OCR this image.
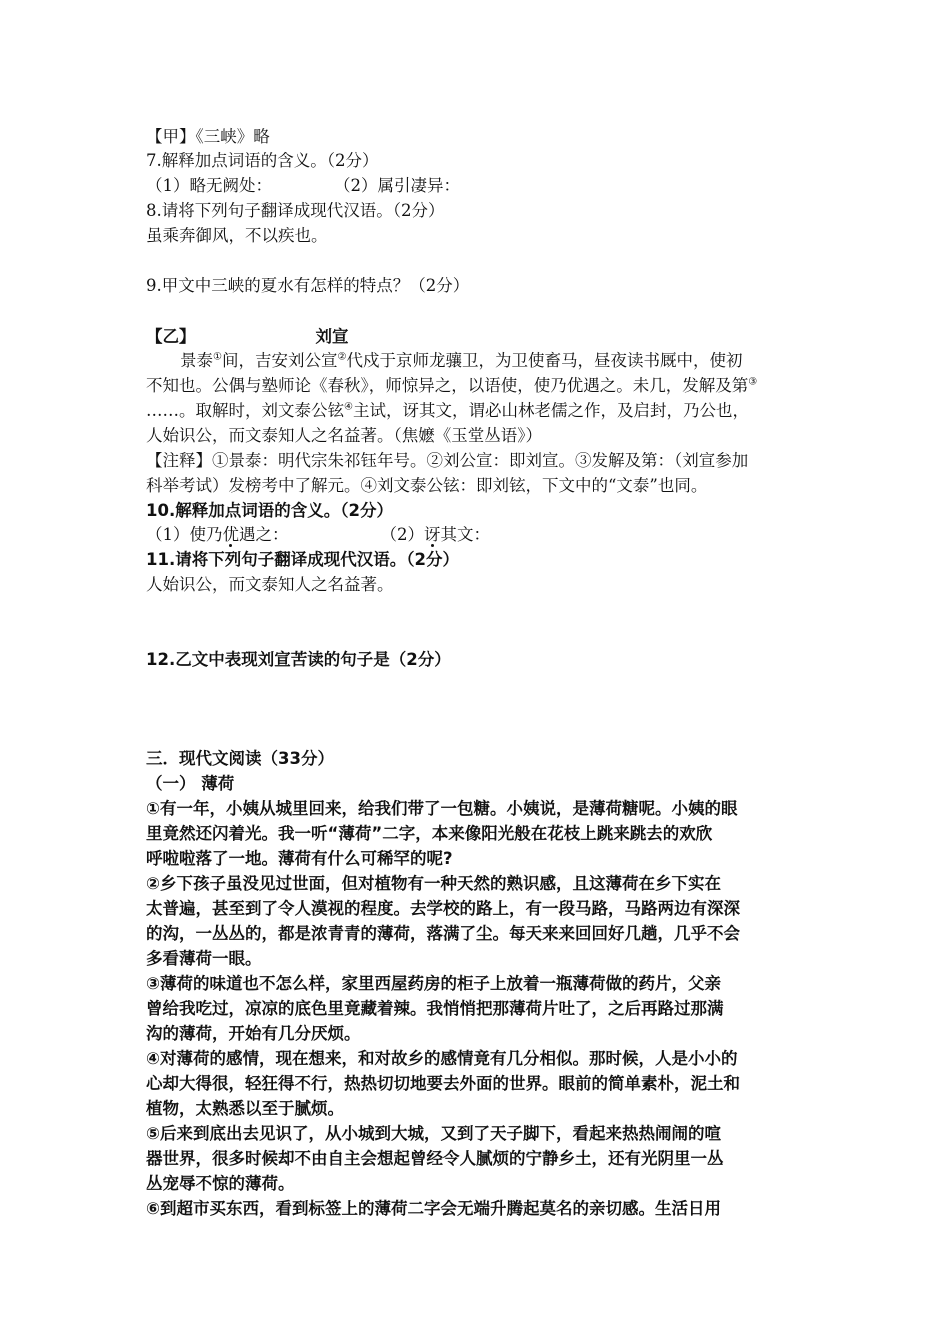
【甲】《三峡》略
7.解释加点词语的含义。（2分）
（1）略无阙处：	（2）属引凄异：
8.请将下列句子翻译成现代汉语。（2分）
虽乘奔御风，不以疾也。
9.甲文中三峡的夏水有怎样的特点？（2分）
【乙】	刘宣
景泰①间，吉安刘公宣②代戍于京师龙骧卫，为卫使畜马，昼夜读书厩中，使初
不知也。公偶与塾师论《春秋》，师惊异之，以语使，使乃优遇之。未几，发解及第③
……。取解时，刘文泰公铉④主试，讶其文，谓必山林老儒之作，及启封，乃公也，
人始识公，而文泰知人之名益著。（焦嬷《玉堂丛语》）
【注释】①景泰：明代宗朱祁钰年号。②刘公宣：即刘宣。③发解及第：（刘宣参加
科举考试）发榜考中了解元。④刘文泰公铉：即刘铉，下文中的“文泰”也同。
10.解释加点词语的含义。（2分）
（1）使乃优遇之：	（2）讶其文：
11.请将下列句子翻译成现代汉语。（2分）
人始识公，而文泰知人之名益著。
12.乙文中表现刘宣苦读的句子是（2分）
三．现代文阅读（33分）
（一） 薄荷
①有一年，小姨从城里回来，给我们带了一包糖。小姨说，是薄荷糖呢。小姨的眼
里竟然还闪着光。我一听“薄荷”二字，本来像阳光般在花枝上跳来跳去的欢欣
呼啦啦落了一地。薄荷有什么可稀罕的呢?
②乡下孩子虽没见过世面，但对植物有一种天然的熟识感，且这薄荷在乡下实在
太普遍，甚至到了令人漠视的程度。去学校的路上，有一段马路，马路两边有深深
的沟，一丛丛的，都是浓青青的薄荷，落满了尘。每天来来回回好几趟，几乎不会
多看薄荷一眼。
③薄荷的味道也不怎么样，家里西屋药房的柜子上放着一瓶薄荷做的药片，父亲
曾给我吃过，凉凉的底色里竟藏着辣。我悄悄把那薄荷片吐了，之后再路过那满
沟的薄荷，开始有几分厌烦。
④对薄荷的感情，现在想来，和对故乡的感情竟有几分相似。那时候，人是小小的
心却大得很，轻狂得不行，热热切切地要去外面的世界。眼前的简单素朴，泥土和
植物，太熟悉以至于腻烦。
⑤后来到底出去见识了，从小城到大城，又到了天子脚下，看起来热热闹闹的喧
器世界，很多时候却不由自主会想起曾经令人腻烦的宁静乡土，还有光阴里一丛
丛宠辱不惊的薄荷。
⑥到超市买东西，看到标签上的薄荷二字会无端升腾起莫名的亲切感。生活日用
